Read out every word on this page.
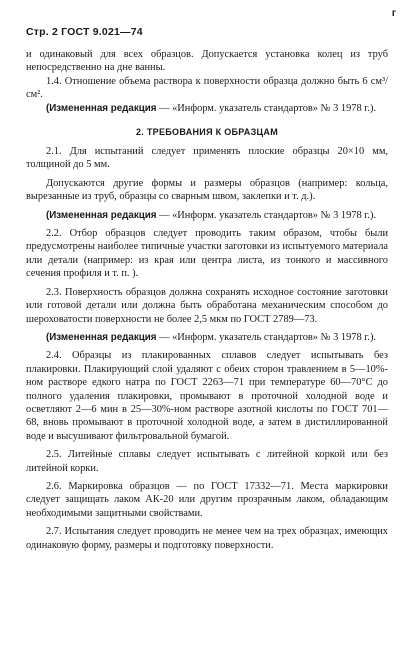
г
Стр. 2 ГОСТ 9.021—74

и одинаковый для всех образцов. Допускается установка колец из труб непосредственно на дне ванны.

1.4. Отношение объема раствора к поверхности образца должно быть 6 см³/см².

(Измененная редакция — «Информ. указатель стандартов» № 3 1978 г.).

2. ТРЕБОВАНИЯ К ОБРАЗЦАМ

2.1. Для испытаний следует применять плоские образцы 20×10 мм, толщиной до 5 мм.

Допускаются другие формы и размеры образцов (например: кольца, вырезанные из труб, образцы со сварным швом, заклепки и т. д.).

(Измененная редакция — «Информ. указатель стандартов» № 3 1978 г.).

2.2. Отбор образцов следует проводить таким образом, чтобы были предусмотрены наиболее типичные участки заготовки из испытуемого материала или детали (например: из края или центра листа, из тонкого и массивного сечения профиля и т. п. ).

2.3. Поверхность образцов должна сохранять исходное состояние заготовки или готовой детали или должна быть обработана механическим способом до шероховатости поверхности не более 2,5 мкм по ГОСТ 2789—73.

(Измененная редакция — «Информ. указатель стандартов» № 3 1978 г.).

2.4. Образцы из плакированных сплавов следует испытывать без плакировки. Плакирующий слой удаляют с обеих сторон травлением в 5—10%-ном растворе едкого натра по ГОСТ 2263—71 при температуре 60—70°С до полного удаления плакировки, промывают в проточной холодной воде и осветляют 2—6 мин в 25—30%-ном растворе азотной кислоты по ГОСТ 701—68, вновь промывают в проточной холодной воде, а затем в дистиллированной воде и высушивают фильтровальной бумагой.

2.5. Литейные сплавы следует испытывать с литейной коркой или без литейной корки.

2.6. Маркировка образцов — по ГОСТ 17332—71. Места маркировки следует защищать лаком АК-20 или другим прозрачным лаком, обладающим необходимыми защитными свойствами.

2.7. Испытания следует проводить не менее чем на трех образцах, имеющих одинаковую форму, размеры и подготовку поверхности.
